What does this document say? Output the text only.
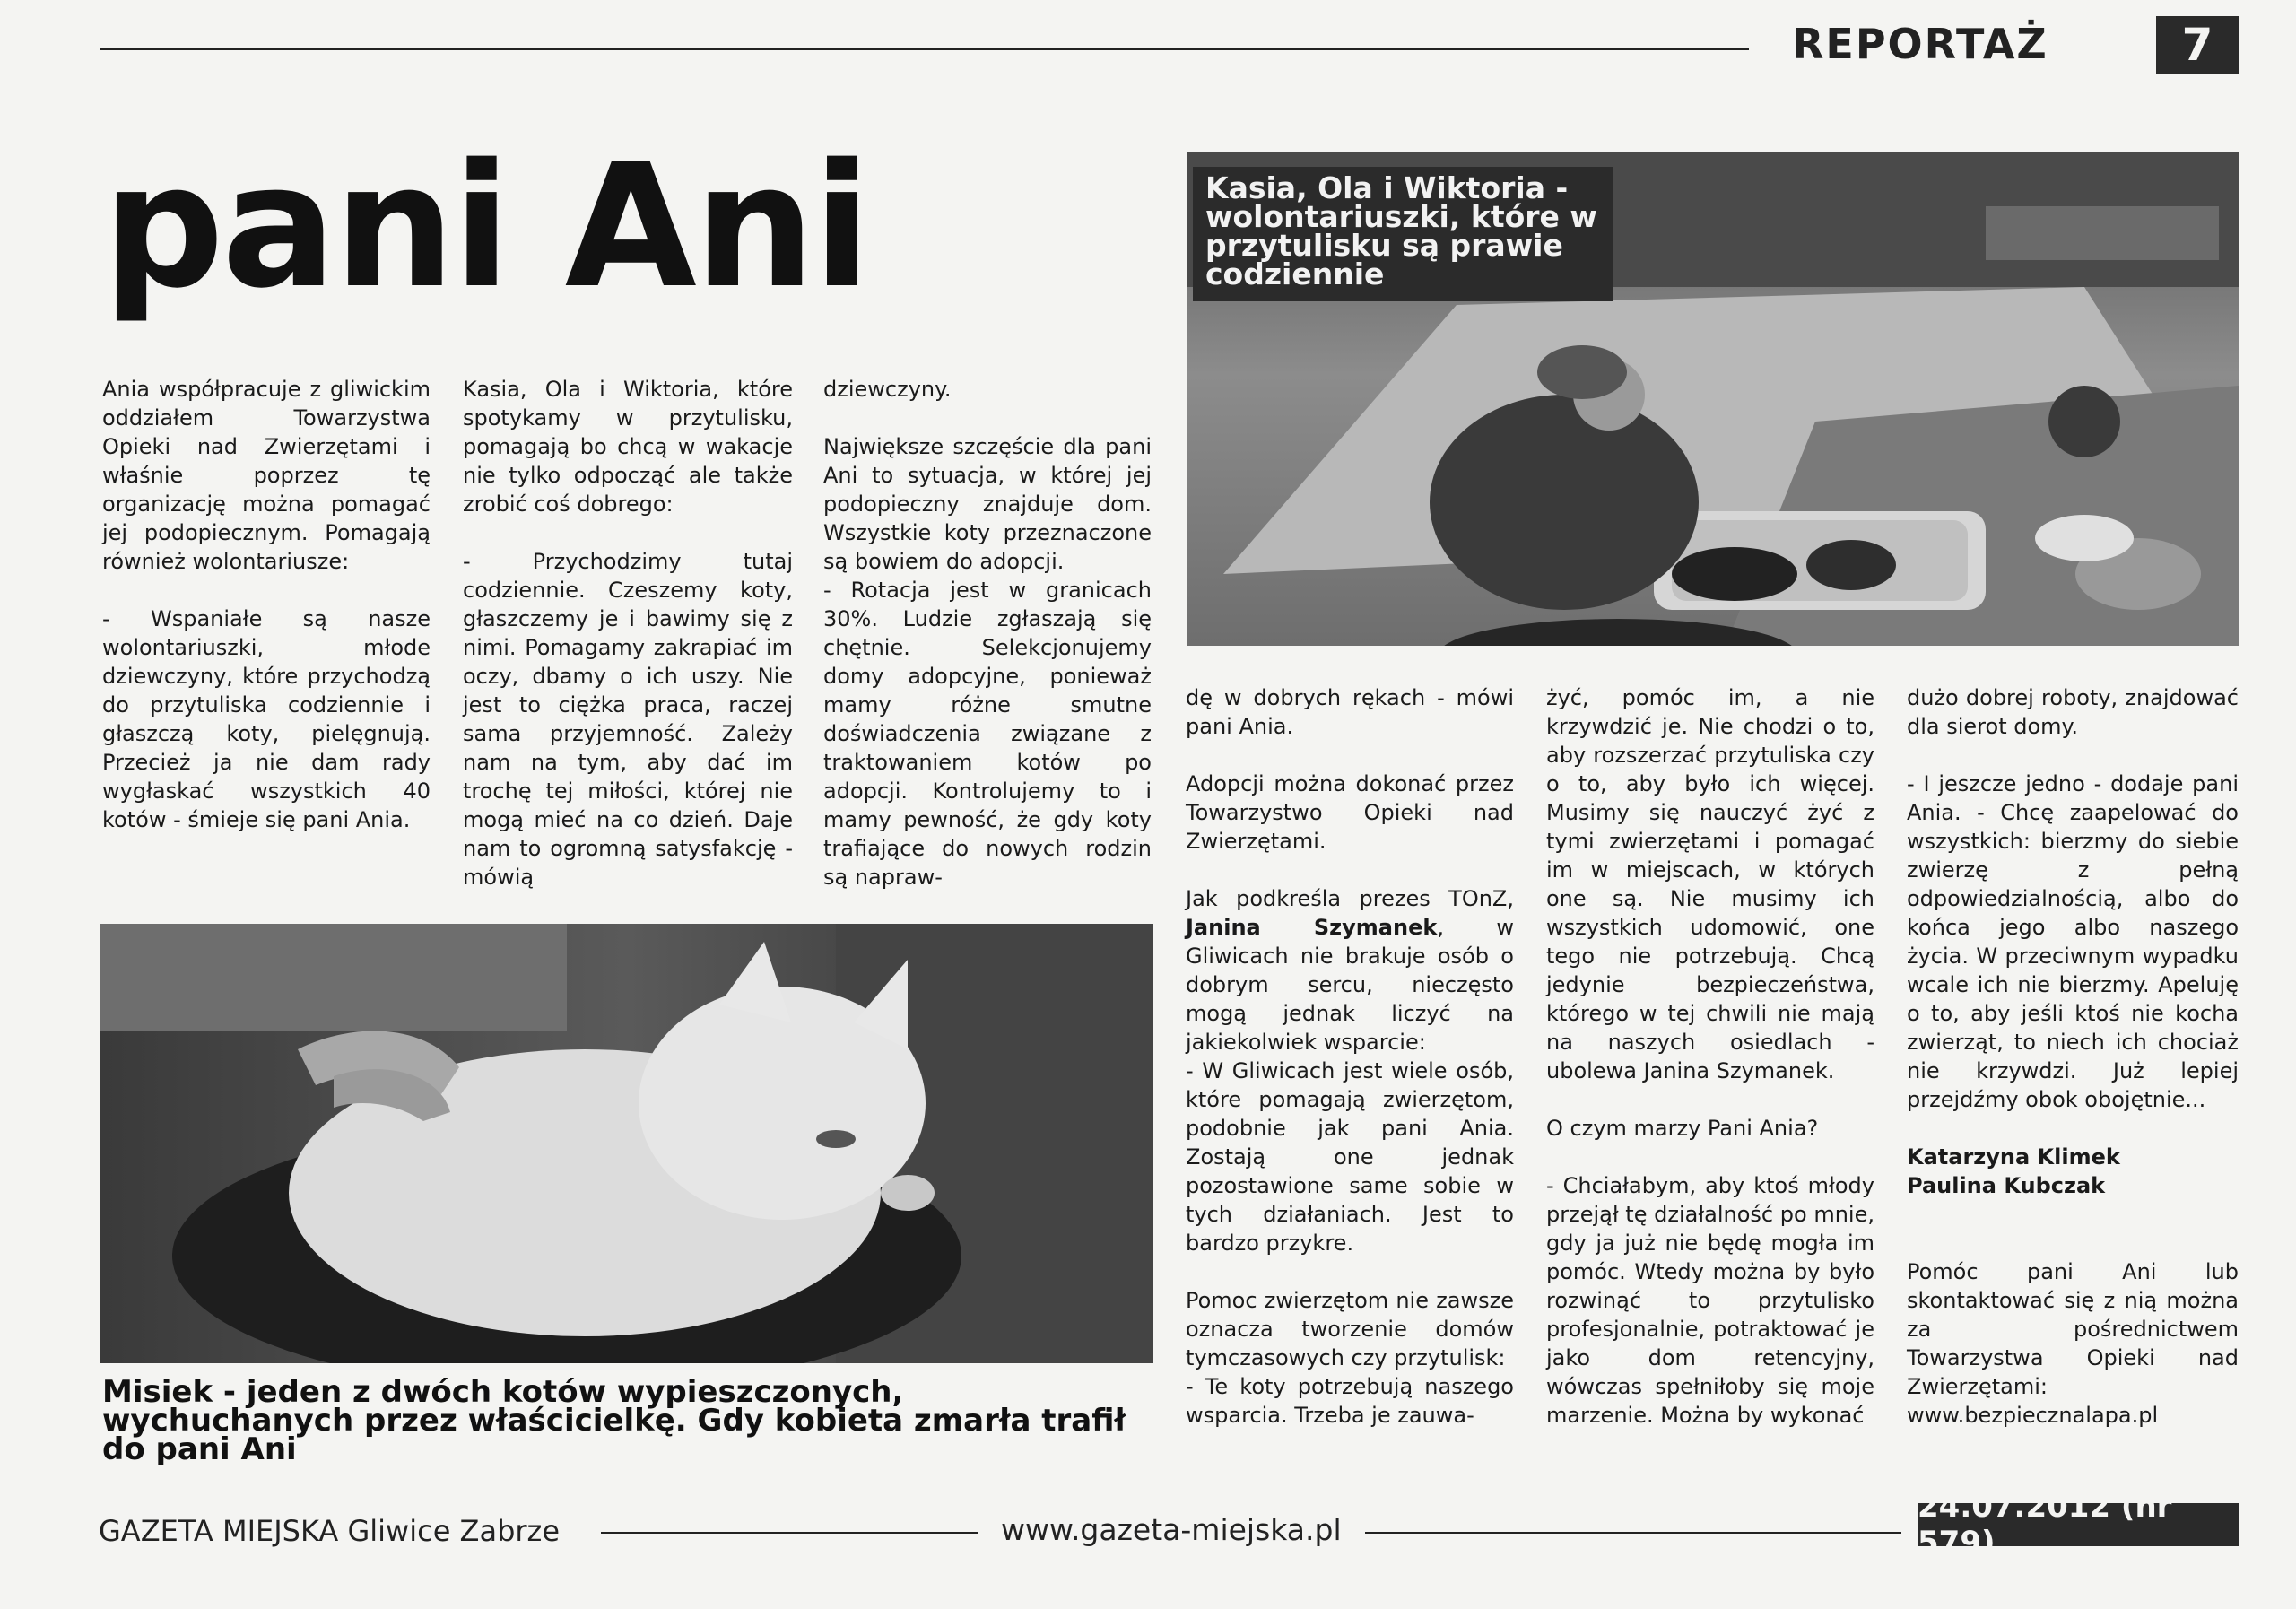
REPORTAŻ	7
pani Ani

Ania współpracuje z gliwickim oddziałem Towarzystwa Opieki nad Zwierzętami i właśnie poprzez tę organizację można pomagać jej podopiecznym. Pomagają również wolontariusze:

- Wspaniałe są nasze wolontariuszki, młode dziewczyny, które przychodzą do przytuliska codziennie i głaszczą koty, pielęgnują. Przecież ja nie dam rady wygłaskać wszystkich 40 kotów - śmieje się pani Ania.

Kasia, Ola i Wiktoria, które spotykamy w przytulisku, pomagają bo chcą w wakacje nie tylko odpocząć ale także zrobić coś dobrego:

- Przychodzimy tutaj codziennie. Czeszemy koty, głaszczemy je i bawimy się z nimi. Pomagamy zakrapiać im oczy, dbamy o ich uszy. Nie jest to ciężka praca, raczej sama przyjemność. Zależy nam na tym, aby dać im trochę tej miłości, której nie mogą mieć na co dzień. Daje nam to ogromną satysfakcję - mówią

dziewczyny.

Największe szczęście dla pani Ani to sytuacja, w której jej podopieczny znajduje dom. Wszystkie koty przeznaczone są bowiem do adopcji.

- Rotacja jest w granicach 30%. Ludzie zgłaszają się chętnie. Selekcjonujemy domy adopcyjne, ponieważ mamy różne smutne doświadczenia związane z traktowaniem kotów po adopcji. Kontrolujemy to i mamy pewność, że gdy koty trafiające do nowych rodzin są napraw-

Kasia, Ola i Wiktoria - wolontariuszki, które w przytulisku są prawie codziennie

dę w dobrych rękach - mówi pani Ania.

Adopcji można dokonać przez Towarzystwo Opieki nad Zwierzętami.

Jak podkreśla prezes TOnZ, Janina Szymanek, w Gliwicach nie brakuje osób o dobrym sercu, nieczęsto mogą jednak liczyć na jakiekolwiek wsparcie:

- W Gliwicach jest wiele osób, które pomagają zwierzętom, podobnie jak pani Ania. Zostają one jednak pozostawione same sobie w tych działaniach. Jest to bardzo przykre.

Pomoc zwierzętom nie zawsze oznacza tworzenie domów tymczasowych czy przytulisk:

- Te koty potrzebują naszego wsparcia. Trzeba je zauwa-

żyć, pomóc im, a nie krzywdzić je. Nie chodzi o to, aby rozszerzać przytuliska czy o to, aby było ich więcej. Musimy się nauczyć żyć z tymi zwierzętami i pomagać im w miejscach, w których one są. Nie musimy ich wszystkich udomowić, one tego nie potrzebują. Chcą jedynie bezpieczeństwa, którego w tej chwili nie mają na naszych osiedlach - ubolewa Janina Szymanek.

O czym marzy Pani Ania?

- Chciałabym, aby ktoś młody przejął tę działalność po mnie, gdy ja już nie będę mogła im pomóc. Wtedy można by było rozwinąć to przytulisko profesjonalnie, potraktować je jako dom retencyjny, wówczas spełniłoby się moje marzenie. Można by wykonać

dużo dobrej roboty, znajdować dla sierot domy.

- I jeszcze jedno - dodaje pani Ania. - Chcę zaapelować do wszystkich: bierzmy do siebie zwierzę z pełną odpowiedzialnością, albo do końca jego albo naszego życia. W przeciwnym wypadku wcale ich nie bierzmy. Apeluję o to, aby jeśli ktoś nie kocha zwierząt, to niech ich chociaż nie krzywdzi. Już lepiej przejdźmy obok obojętnie...

Katarzyna Klimek
Paulina Kubczak

Pomóc pani Ani lub skontaktować się z nią można za pośrednictwem Towarzystwa Opieki nad Zwierzętami: www.bezpiecznalapa.pl

Misiek - jeden z dwóch kotów wypieszczonych, wychuchanych przez właścicielkę. Gdy kobieta zmarła trafił do pani Ani
GAZETA MIEJSKA Gliwice Zabrze	www.gazeta-miejska.pl
24.07.2012 (nr 579)
